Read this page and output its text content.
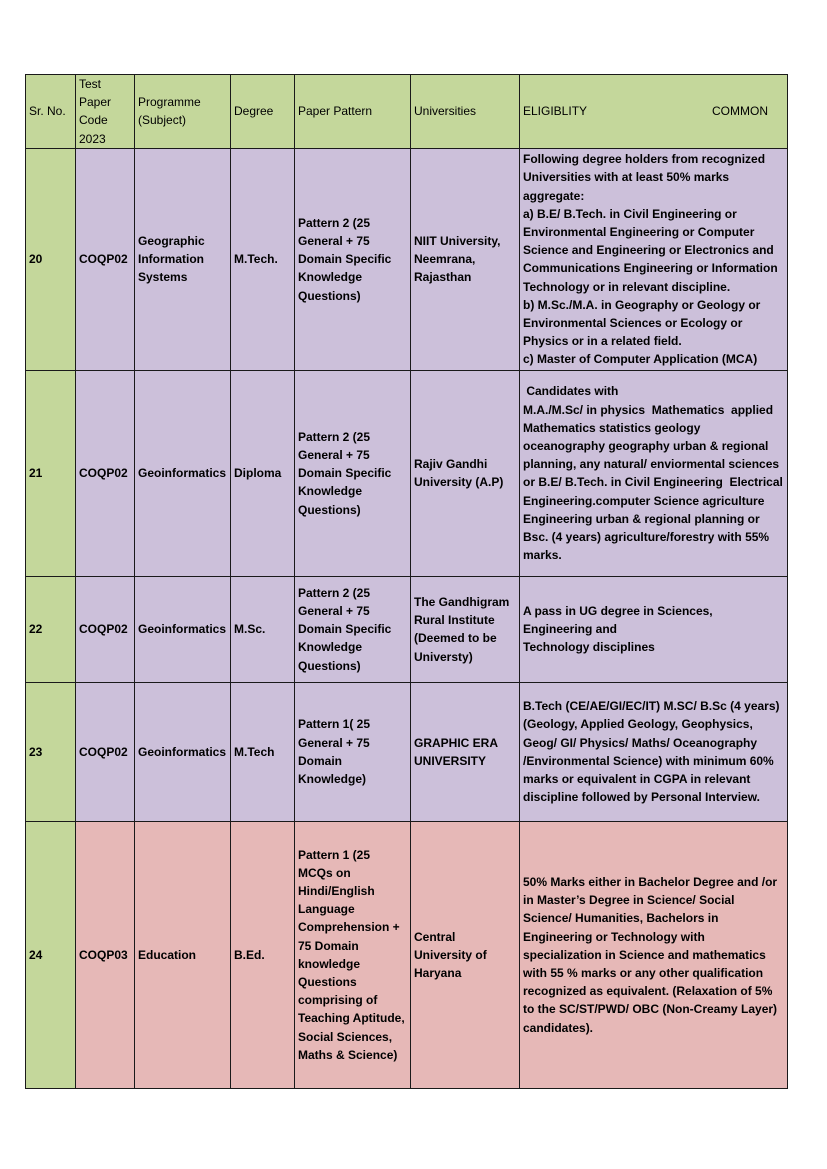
Sr. No.	Test
Paper
Code
2023	Programme
(Subject)	Degree	Paper Pattern	Universities	ELIGIBLITY COMMON

20	COQP02	Geographic Information Systems	M.Tech.	Pattern 2 (25 General + 75 Domain Specific Knowledge Questions)	NIIT University, Neemrana, Rajasthan	Following degree holders from recognized Universities with at least 50% marks aggregate:
a) B.E/ B.Tech. in Civil Engineering or Environmental Engineering or Computer Science and Engineering or Electronics and Communications Engineering or Information Technology or in relevant discipline.
b) M.Sc./M.A. in Geography or Geology or Environmental Sciences or Ecology or Physics or in a related field.
c) Master of Computer Application (MCA)

21	COQP02	Geoinformatics	Diploma	Pattern 2 (25 General + 75 Domain Specific Knowledge Questions)	Rajiv Gandhi University (A.P)	Candidates with
M.A./M.Sc/ in physics  Mathematics  applied Mathematics statistics geology oceanography geography urban & regional planning, any natural/ enviormental sciences or B.E/ B.Tech. in Civil Engineering  Electrical Engineering.computer Science agriculture Engineering urban & regional planning or Bsc. (4 years) agriculture/forestry with 55% marks.

22	COQP02	Geoinformatics	M.Sc.	Pattern 2 (25 General + 75 Domain Specific Knowledge Questions)	The Gandhigram Rural Institute (Deemed to be Universty)	A pass in UG degree in Sciences, Engineering and
Technology disciplines

23	COQP02	Geoinformatics	M.Tech	Pattern 1( 25 General + 75 Domain Knowledge)	GRAPHIC ERA UNIVERSITY	B.Tech (CE/AE/GI/EC/IT) M.SC/ B.Sc (4 years) (Geology, Applied Geology, Geophysics, Geog/ GI/ Physics/ Maths/ Oceanography /Environmental Science) with minimum 60% marks or equivalent in CGPA in relevant discipline followed by Personal Interview.

24	COQP03	Education	B.Ed.	Pattern 1 (25 MCQs on Hindi/English Language Comprehension + 75 Domain knowledge Questions comprising of Teaching Aptitude, Social Sciences, Maths & Science)	Central University of Haryana	50% Marks either in Bachelor Degree and /or in Master’s Degree in Science/ Social Science/ Humanities, Bachelors in Engineering or Technology with specialization in Science and mathematics with 55 % marks or any other qualification recognized as equivalent. (Relaxation of 5% to the SC/ST/PWD/ OBC (Non-Creamy Layer) candidates).
